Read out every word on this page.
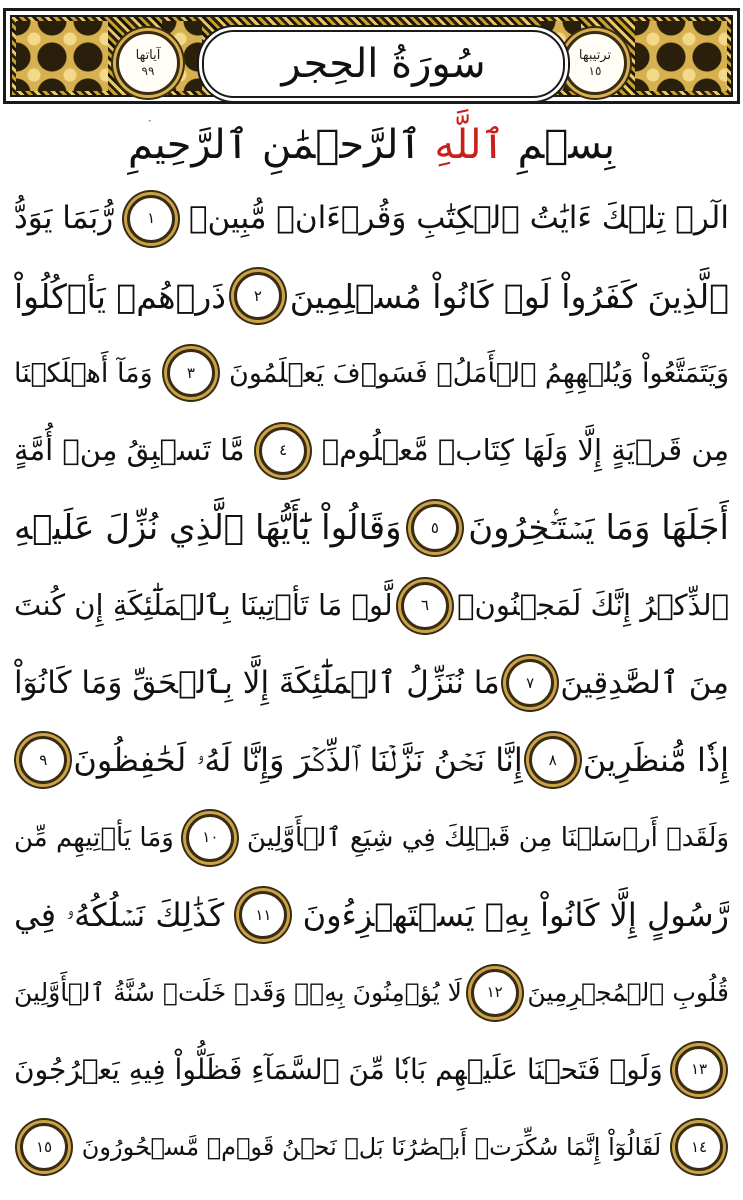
آياتها
٩٩
ترتيبها
١٥
سُورَةُ الحِجر
بِسۡمِ ٱللَّهِ ٱلرَّحۡمَٰنِ ٱلرَّحِيمِ
الٓرۚ تِلۡكَ ءَايَٰتُ ٱلۡكِتَٰبِ وَقُرۡءَانٖ مُّبِينٖ
١
رُّبَمَا يَوَدُّ
ٱلَّذِينَ كَفَرُواْ لَوۡ كَانُواْ مُسۡلِمِينَ
٢
ذَرۡهُمۡ يَأۡكُلُواْ
وَيَتَمَتَّعُواْ وَيُلۡهِهِمُ ٱلۡأَمَلُۖ فَسَوۡفَ يَعۡلَمُونَ
٣
وَمَآ أَهۡلَكۡنَا
مِن قَرۡيَةٍ إِلَّا وَلَهَا كِتَابٞ مَّعۡلُومٞ
٤
مَّا تَسۡبِقُ مِنۡ أُمَّةٍ
أَجَلَهَا وَمَا يَسۡتَـٔۡخِرُونَ
٥
وَقَالُواْ يَٰٓأَيُّهَا ٱلَّذِي نُزِّلَ عَلَيۡهِ
ٱلذِّكۡرُ إِنَّكَ لَمَجۡنُونٞ
٦
لَّوۡ مَا تَأۡتِينَا بِٱلۡمَلَٰٓئِكَةِ إِن كُنتَ
مِنَ ٱلصَّٰدِقِينَ
٧
مَا نُنَزِّلُ ٱلۡمَلَٰٓئِكَةَ إِلَّا بِٱلۡحَقِّ وَمَا كَانُوٓاْ
إِذٗا مُّنظَرِينَ
٨
إِنَّا نَحۡنُ نَزَّلۡنَا ٱلذِّكۡرَ وَإِنَّا لَهُۥ لَحَٰفِظُونَ
٩
وَلَقَدۡ أَرۡسَلۡنَا مِن قَبۡلِكَ فِي شِيَعِ ٱلۡأَوَّلِينَ
١٠
وَمَا يَأۡتِيهِم مِّن
رَّسُولٍ إِلَّا كَانُواْ بِهِۦ يَسۡتَهۡزِءُونَ
١١
كَذَٰلِكَ نَسۡلُكُهُۥ فِي
قُلُوبِ ٱلۡمُجۡرِمِينَ
١٢
لَا يُؤۡمِنُونَ بِهِۦۖ وَقَدۡ خَلَتۡ سُنَّةُ ٱلۡأَوَّلِينَ
١٣
وَلَوۡ فَتَحۡنَا عَلَيۡهِم بَابٗا مِّنَ ٱلسَّمَآءِ فَظَلُّواْ فِيهِ يَعۡرُجُونَ
١٤
لَقَالُوٓاْ إِنَّمَا سُكِّرَتۡ أَبۡصَٰرُنَا بَلۡ نَحۡنُ قَوۡمٞ مَّسۡحُورُونَ
١٥
